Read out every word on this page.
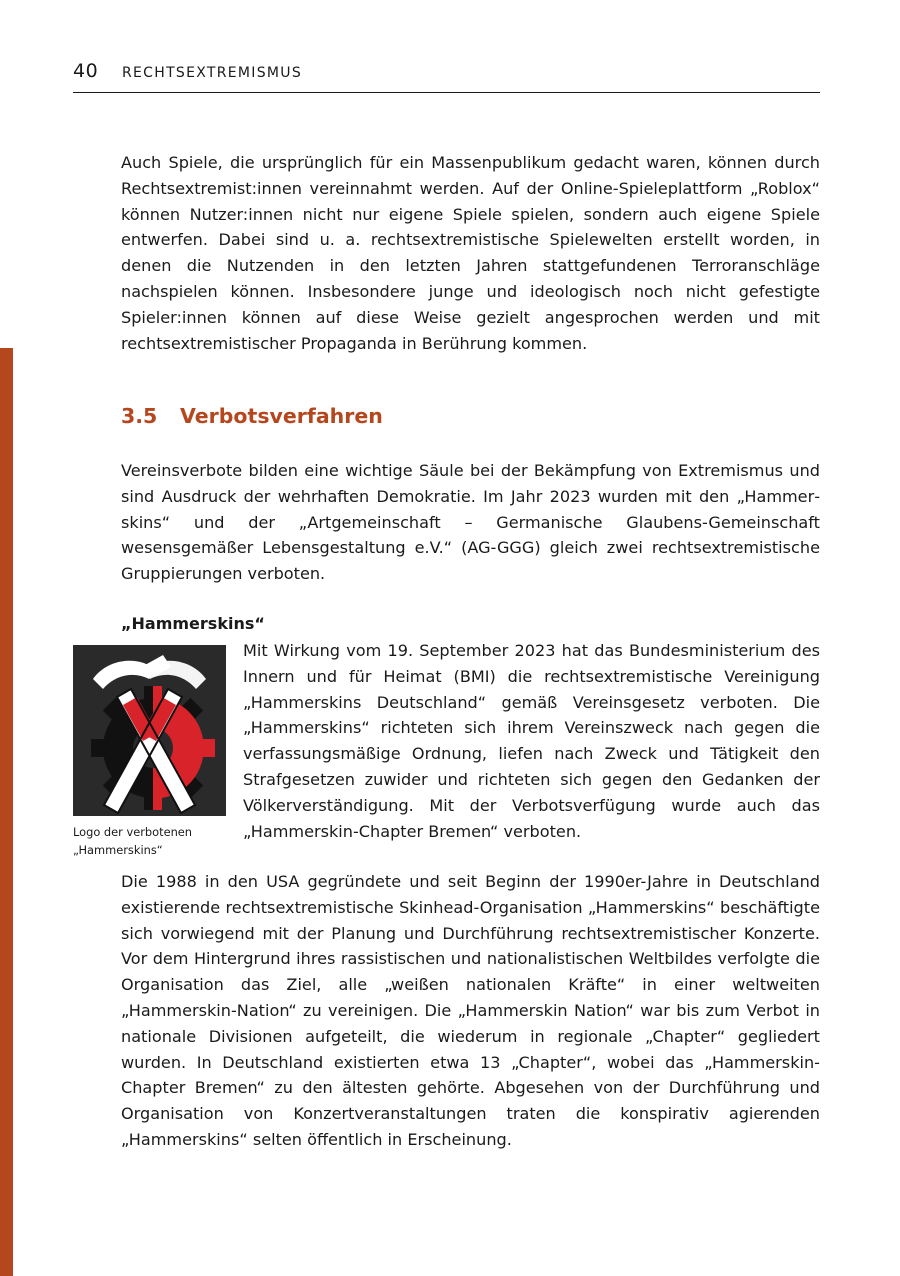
40 RECHTSEXTREMISMUS

Auch Spiele, die ursprünglich für ein Massenpublikum gedacht waren, können durch Rechtsextremist:innen vereinnahmt werden. Auf der Online-Spieleplattform „Roblox“ können Nutzer:innen nicht nur eigene Spiele spielen, sondern auch eigene Spiele entwerfen. Dabei sind u. a. rechtsextremistische Spielewelten erstellt worden, in denen die Nutzenden in den letzten Jahren stattgefundenen Terroranschläge nachspielen können. Insbesondere junge und ideologisch noch nicht gefestigte Spieler:innen können auf diese Weise gezielt angesprochen werden und mit rechtsextremistischer Propaganda in Berührung kommen.

3.5 Verbotsverfahren

Vereinsverbote bilden eine wichtige Säule bei der Bekämpfung von Extremismus und sind Ausdruck der wehrhaften Demokratie. Im Jahr 2023 wurden mit den „Hammerskins“ und der „Artgemeinschaft – Germanische Glaubens-Gemeinschaft wesensgemäßer Lebensgestaltung e.V.“ (AG-GGG) gleich zwei rechtsextremistische Gruppierungen verboten.

„Hammerskins“
Logo der verbotenen
„Hammerskins“

Mit Wirkung vom 19. September 2023 hat das Bundesministerium des Innern und für Heimat (BMI) die rechtsextremistische Vereinigung „Hammerskins Deutschland“ gemäß Vereinsgesetz verboten. Die „Hammerskins“ richteten sich ihrem Vereinszweck nach gegen die verfassungsmäßige Ordnung, liefen nach Zweck und Tätigkeit den Strafgesetzen zuwider und richteten sich gegen den Gedanken der Völkerverständigung. Mit der Verbotsverfügung wurde auch das „Hammerskin-Chapter Bremen“ verboten.

Die 1988 in den USA gegründete und seit Beginn der 1990er-Jahre in Deutschland existierende rechtsextremistische Skinhead-Organisation „Hammerskins“ beschäftigte sich vorwiegend mit der Planung und Durchführung rechtsextremistischer Konzerte. Vor dem Hintergrund ihres rassistischen und nationalistischen Weltbildes verfolgte die Organisation das Ziel, alle „weißen nationalen Kräfte“ in einer weltweiten „Hammerskin-Nation“ zu vereinigen. Die „Hammerskin Nation“ war bis zum Verbot in nationale Divisionen aufgeteilt, die wiederum in regionale „Chapter“ gegliedert wurden. In Deutschland existierten etwa 13 „Chapter“, wobei das „Hammerskin-Chapter Bremen“ zu den ältesten gehörte. Abgesehen von der Durchführung und Organisation von Konzertveranstaltungen traten die konspirativ agierenden „Hammerskins“ selten öffentlich in Erscheinung.
